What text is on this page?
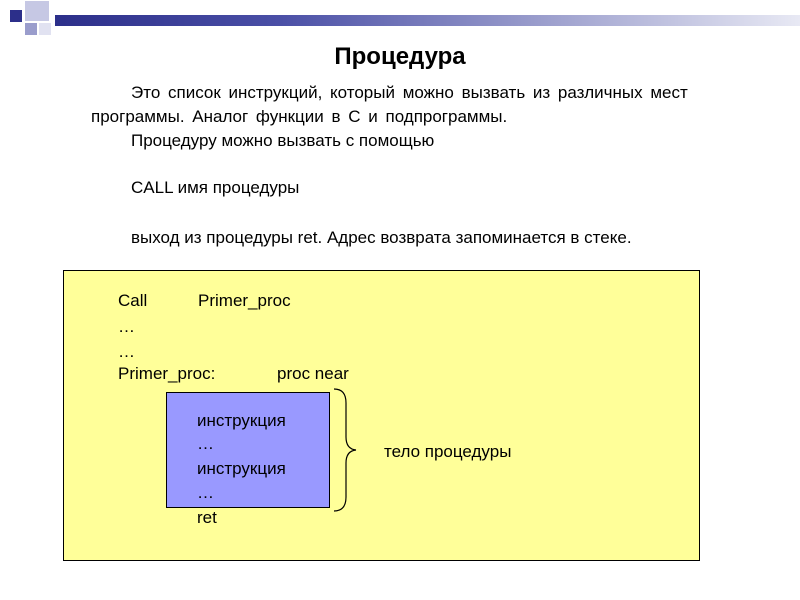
Процедура
Это список инструкций, который можно вызвать из различных мест
программы. Аналог функции в С и подпрограммы.
Процедуру можно вызвать с помощью
CALL имя процедуры
выход из процедуры ret. Адрес возврата запоминается в стеке.
Call	Primer_proc
…
…
Primer_proc:	proc near
инструкция
…
инструкция
…
ret
тело процедуры
